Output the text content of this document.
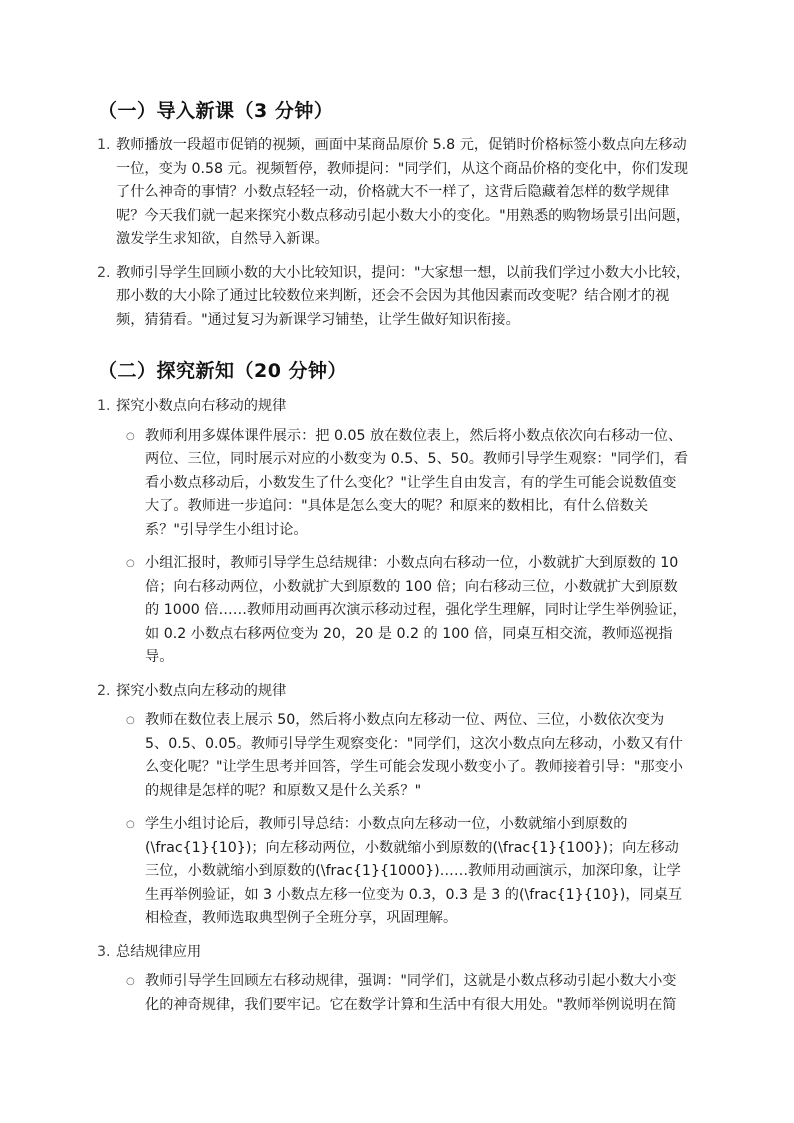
（一）导入新课（3 分钟）
1. 教师播放一段超市促销的视频，画面中某商品原价 5.8 元，促销时价格标签小数点向左移动一位，变为 0.58 元。视频暂停，教师提问："同学们，从这个商品价格的变化中，你们发现了什么神奇的事情？小数点轻轻一动，价格就大不一样了，这背后隐藏着怎样的数学规律呢？今天我们就一起来探究小数点移动引起小数大小的变化。"用熟悉的购物场景引出问题，激发学生求知欲，自然导入新课。
2. 教师引导学生回顾小数的大小比较知识，提问："大家想一想，以前我们学过小数大小比较，那小数的大小除了通过比较数位来判断，还会不会因为其他因素而改变呢？结合刚才的视频，猜猜看。"通过复习为新课学习铺垫，让学生做好知识衔接。
（二）探究新知（20 分钟）
1. 探究小数点向右移动的规律
○ 教师利用多媒体课件展示：把 0.05 放在数位表上，然后将小数点依次向右移动一位、两位、三位，同时展示对应的小数变为 0.5、5、50。教师引导学生观察："同学们，看看小数点移动后，小数发生了什么变化？"让学生自由发言，有的学生可能会说数值变大了。教师进一步追问："具体是怎么变大的呢？和原来的数相比，有什么倍数关系？"引导学生小组讨论。
○ 小组汇报时，教师引导学生总结规律：小数点向右移动一位，小数就扩大到原数的 10 倍；向右移动两位，小数就扩大到原数的 100 倍；向右移动三位，小数就扩大到原数的 1000 倍……教师用动画再次演示移动过程，强化学生理解，同时让学生举例验证，如 0.2 小数点右移两位变为 20，20 是 0.2 的 100 倍，同桌互相交流，教师巡视指导。
2. 探究小数点向左移动的规律
○ 教师在数位表上展示 50，然后将小数点向左移动一位、两位、三位，小数依次变为 5、0.5、0.05。教师引导学生观察变化："同学们，这次小数点向左移动，小数又有什么变化呢？"让学生思考并回答，学生可能会发现小数变小了。教师接着引导："那变小的规律是怎样的呢？和原数又是什么关系？"
○ 学生小组讨论后，教师引导总结：小数点向左移动一位，小数就缩小到原数的(\frac{1}{10})；向左移动两位，小数就缩小到原数的(\frac{1}{100})；向左移动三位，小数就缩小到原数的(\frac{1}{1000})……教师用动画演示，加深印象，让学生再举例验证，如 3 小数点左移一位变为 0.3，0.3 是 3 的(\frac{1}{10})，同桌互相检查，教师选取典型例子全班分享，巩固理解。
3. 总结规律应用
○ 教师引导学生回顾左右移动规律，强调："同学们，这就是小数点移动引起小数大小变化的神奇规律，我们要牢记。它在数学计算和生活中有很大用处。"教师举例说明在简
